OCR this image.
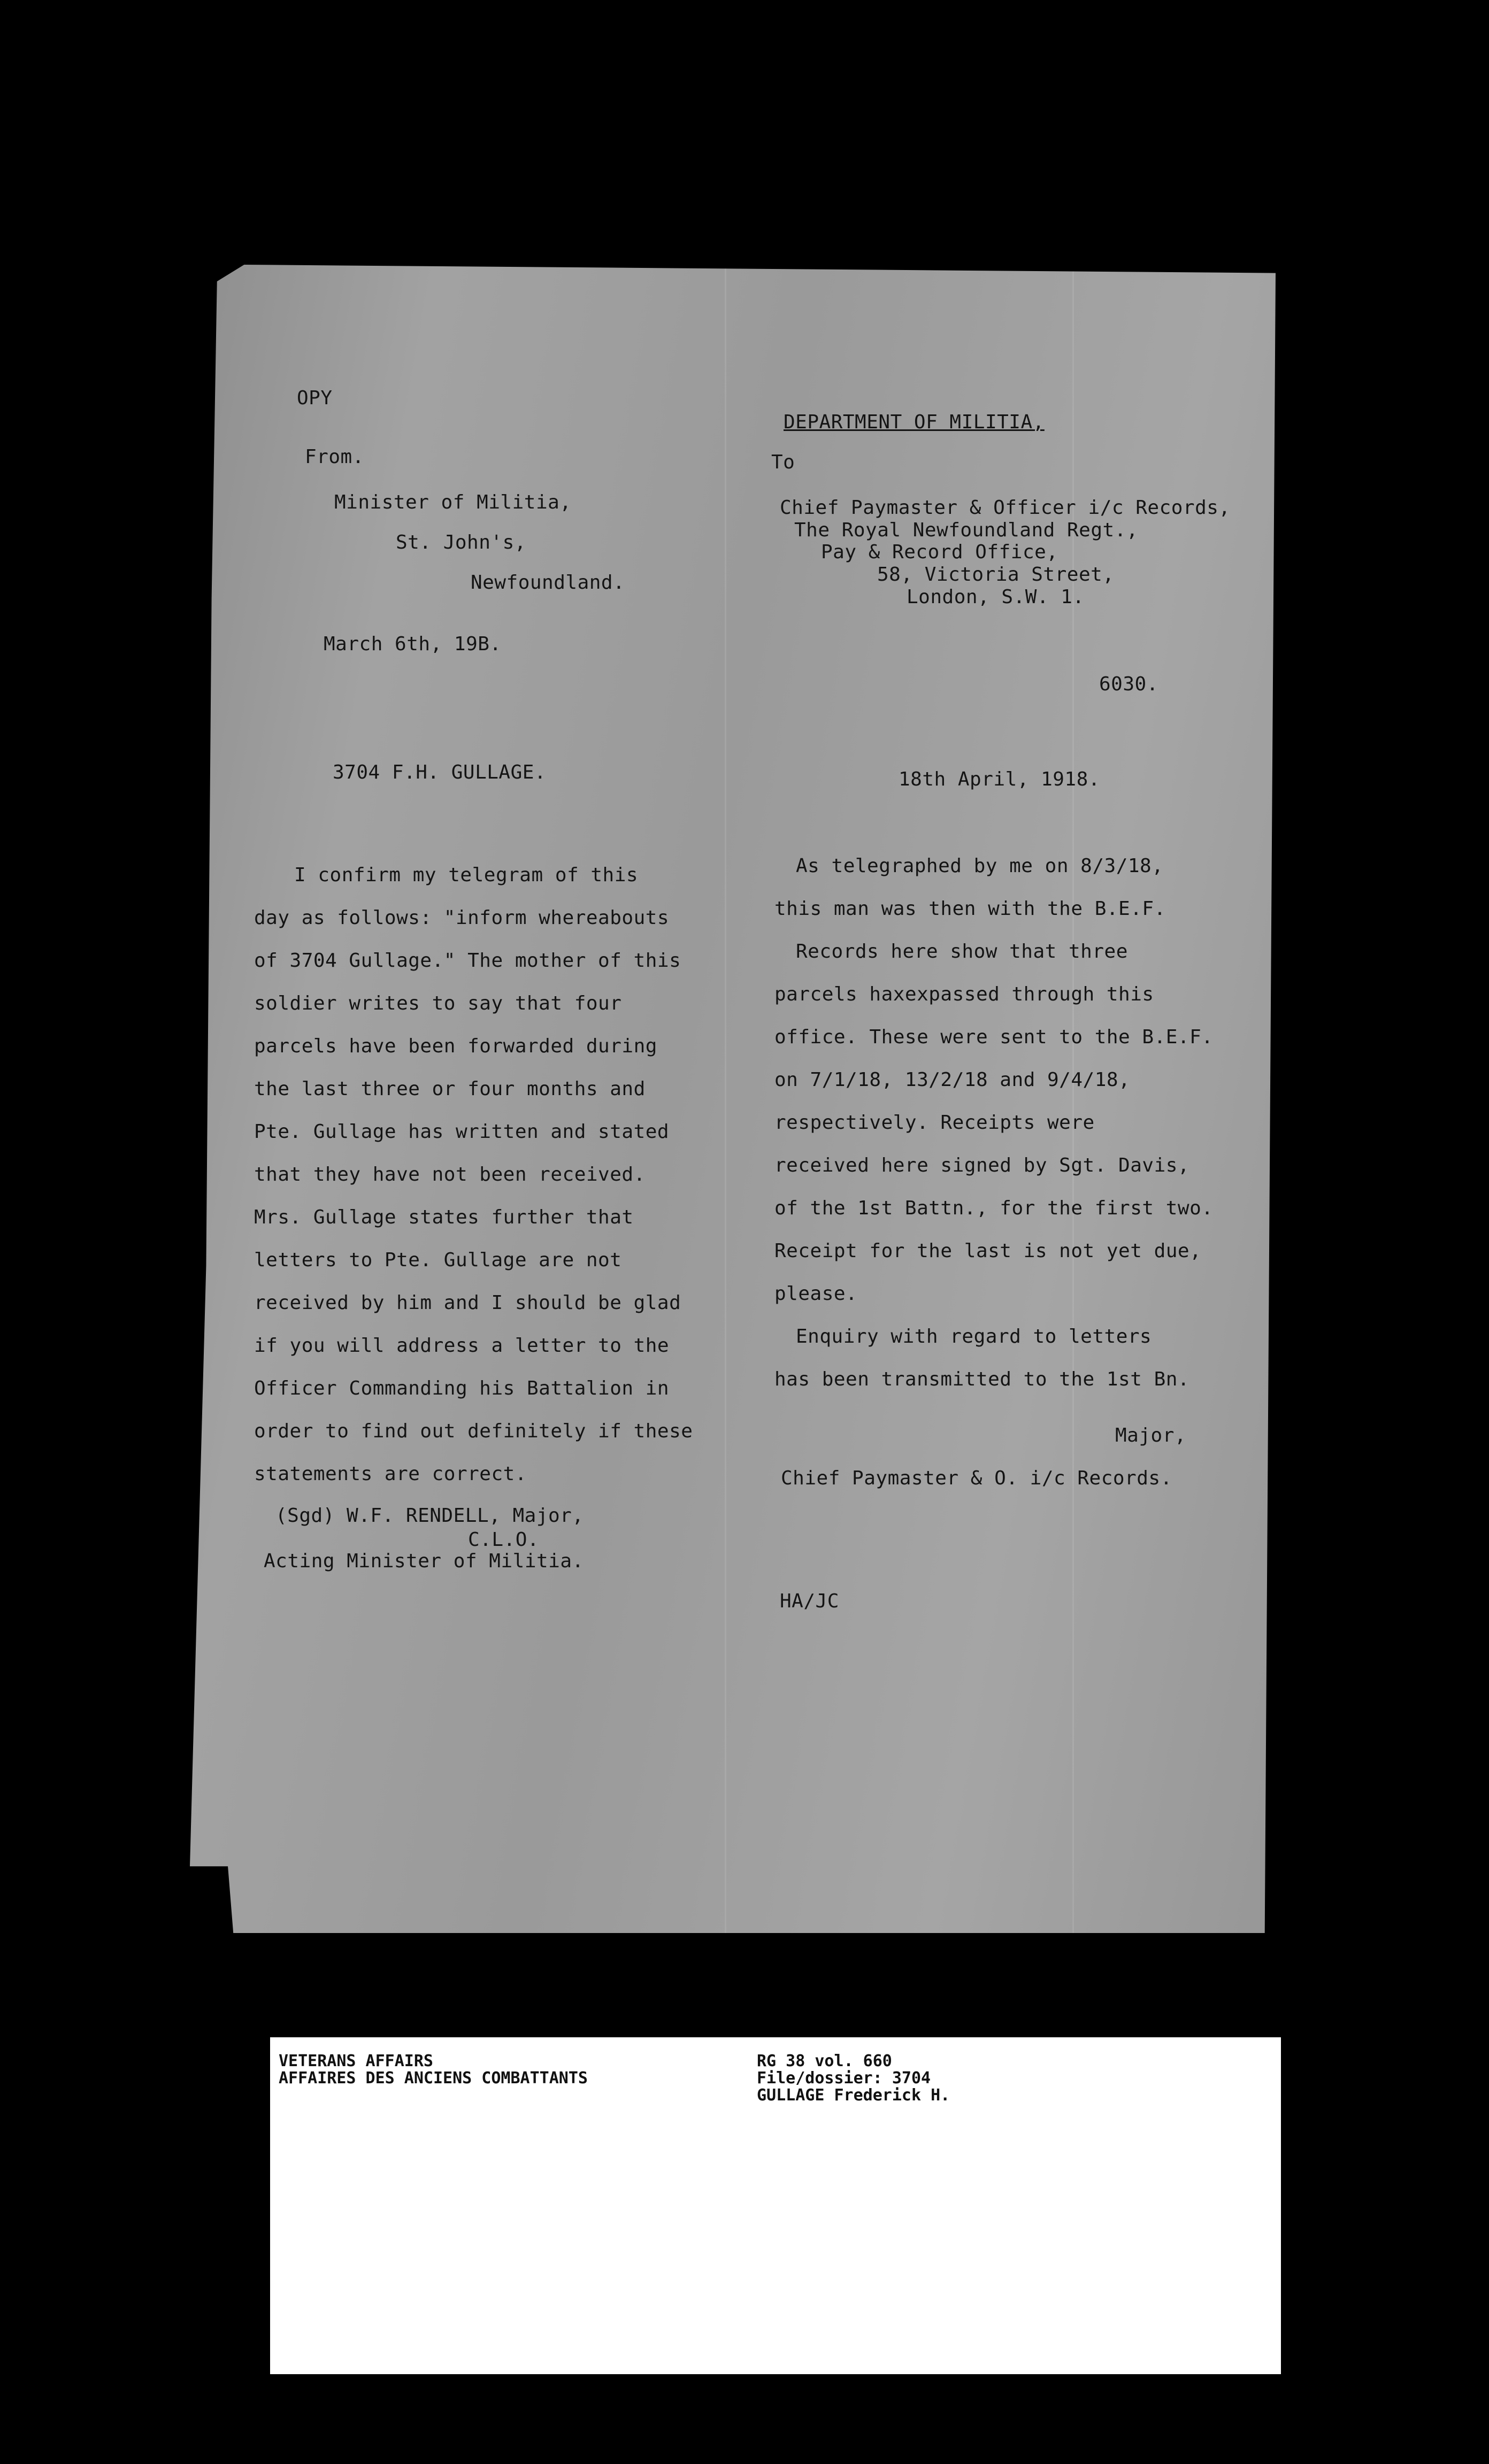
OPY

From.

Minister of Militia,

St. John's,

Newfoundland.

March 6th, 19B.

3704 F.H. GULLAGE.

I confirm my telegram of this
day as follows: "inform whereabouts
of 3704 Gullage." The mother of this
soldier writes to say that four
parcels have been forwarded during
the last three or four months and
Pte. Gullage has written and stated
that they have not been received.
Mrs. Gullage states further that
letters to Pte. Gullage are not
received by him and I should be glad
if you will address a letter to the
Officer Commanding his Battalion in
order to find out definitely if these
statements are correct.

(Sgd) W.F. RENDELL, Major,

C.L.O.

Acting Minister of Militia.

DEPARTMENT OF MILITIA,

To

Chief Paymaster & Officer i/c Records,

The Royal Newfoundland Regt.,

Pay & Record Office,

58, Victoria Street,

London, S.W. 1.

6030.

18th April, 1918.

As telegraphed by me on 8/3/18,
this man was then with the B.E.F.
Records here show that three
parcels haxexpassed through this
office. These were sent to the B.E.F.
on 7/1/18, 13/2/18 and 9/4/18,
respectively. Receipts were
received here signed by Sgt. Davis,
of the 1st Battn., for the first two.
Receipt for the last is not yet due,
please.
Enquiry with regard to letters
has been transmitted to the 1st Bn.

Major,

Chief Paymaster & O. i/c Records.

HA/JC

VETERANS AFFAIRS
AFFAIRES DES ANCIENS COMBATTANTS
RG 38 vol. 660
File/dossier: 3704
GULLAGE Frederick H.
